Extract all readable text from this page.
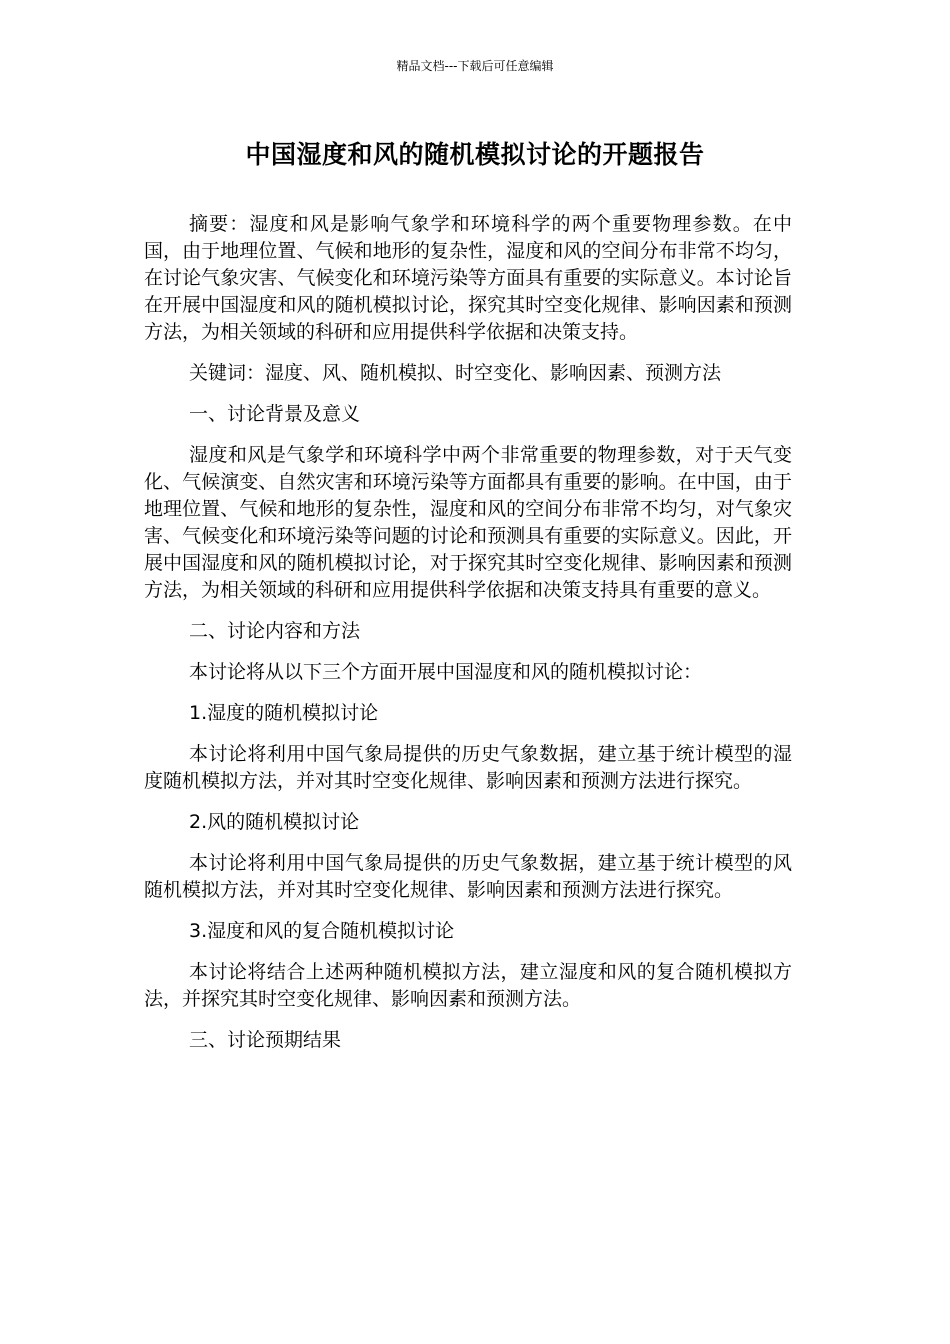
精品文档---下载后可任意编辑
中国湿度和风的随机模拟讨论的开题报告

摘要：湿度和风是影响气象学和环境科学的两个重要物理参数。在中国，由于地理位置、气候和地形的复杂性，湿度和风的空间分布非常不均匀，在讨论气象灾害、气候变化和环境污染等方面具有重要的实际意义。本讨论旨在开展中国湿度和风的随机模拟讨论，探究其时空变化规律、影响因素和预测方法，为相关领域的科研和应用提供科学依据和决策支持。

关键词：湿度、风、随机模拟、时空变化、影响因素、预测方法

一、讨论背景及意义

湿度和风是气象学和环境科学中两个非常重要的物理参数，对于天气变化、气候演变、自然灾害和环境污染等方面都具有重要的影响。在中国，由于地理位置、气候和地形的复杂性，湿度和风的空间分布非常不均匀，对气象灾害、气候变化和环境污染等问题的讨论和预测具有重要的实际意义。因此，开展中国湿度和风的随机模拟讨论，对于探究其时空变化规律、影响因素和预测方法，为相关领域的科研和应用提供科学依据和决策支持具有重要的意义。

二、讨论内容和方法

本讨论将从以下三个方面开展中国湿度和风的随机模拟讨论：

1.湿度的随机模拟讨论

本讨论将利用中国气象局提供的历史气象数据，建立基于统计模型的湿度随机模拟方法，并对其时空变化规律、影响因素和预测方法进行探究。

2.风的随机模拟讨论

本讨论将利用中国气象局提供的历史气象数据，建立基于统计模型的风随机模拟方法，并对其时空变化规律、影响因素和预测方法进行探究。

3.湿度和风的复合随机模拟讨论

本讨论将结合上述两种随机模拟方法，建立湿度和风的复合随机模拟方法，并探究其时空变化规律、影响因素和预测方法。

三、讨论预期结果
